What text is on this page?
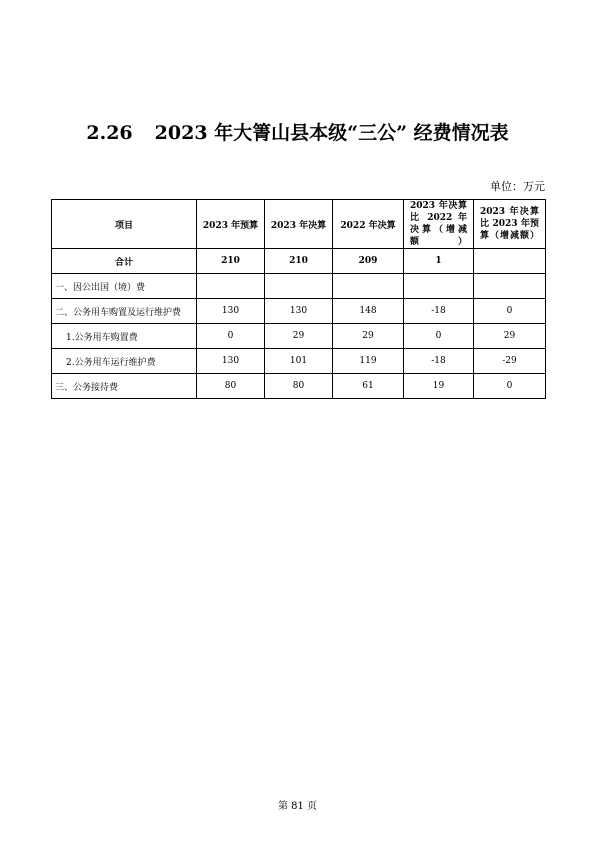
2.26 2023 年大箐山县本级“三公” 经费情况表
单位：万元
项目	2023 年预算	2023 年决算	2022 年决算	2023 年决算比 2022 年决算（增减额）	2023 年决算比 2023 年预算（增减额）
合计	210	210	209	1	
一、因公出国（境）费					
二、公务用车购置及运行维护费	130	130	148	-18	0
1.公务用车购置费	0	29	29	0	29
2.公务用车运行维护费	130	101	119	-18	-29
三、公务接待费	80	80	61	19	0
第 81 页
